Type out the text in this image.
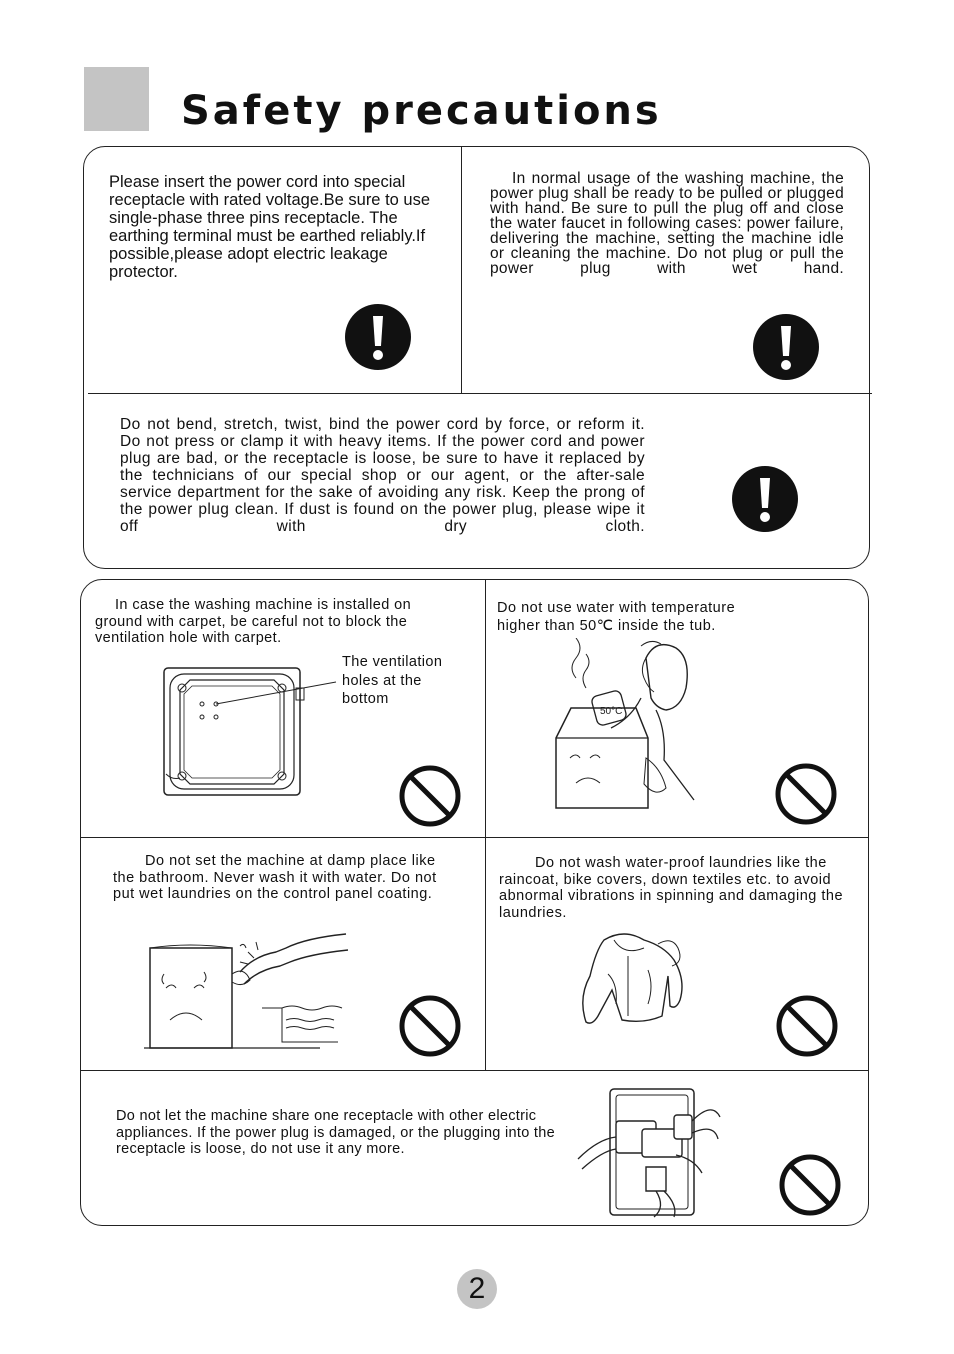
Safety precautions
Please insert the power cord into special receptacle with rated voltage.Be sure to use single-phase three pins receptacle. The earthing terminal must be earthed reliably.If possible,please adopt electric leakage protector.
In normal usage of the washing machine, the power plug shall be ready to be pulled or plugged with hand. Be sure to pull the plug off and close the water faucet in following cases: power failure, delivering the machine, setting the machine idle or cleaning the machine. Do not plug or pull the power plug with wet hand.
Do not bend, stretch, twist, bind the power cord by force, or reform it. Do not press or clamp it with heavy items. If the power cord and power plug are bad, or the receptacle is loose, be sure to have it replaced by the technicians of our special shop or our agent, or the after-sale service department for the sake of avoiding any risk. Keep the prong of the power plug clean. If dust is found on the power plug, please wipe it off with dry cloth.
In case the washing machine is installed on ground with carpet, be careful not to block the ventilation hole with carpet.
The ventilation holes at the bottom
Do not use water with temperature higher than 50℃ inside the tub.
50°C
Do not set the machine at damp place like the bathroom. Never wash it with water. Do not put wet laundries on the control panel coating.
Do not wash water-proof laundries like the raincoat, bike covers, down textiles etc. to avoid abnormal vibrations in spinning and damaging the laundries.
Do not let the machine share one receptacle with other electric appliances. If the power plug is damaged, or the plugging into the receptacle is loose, do not use it any more.
2
